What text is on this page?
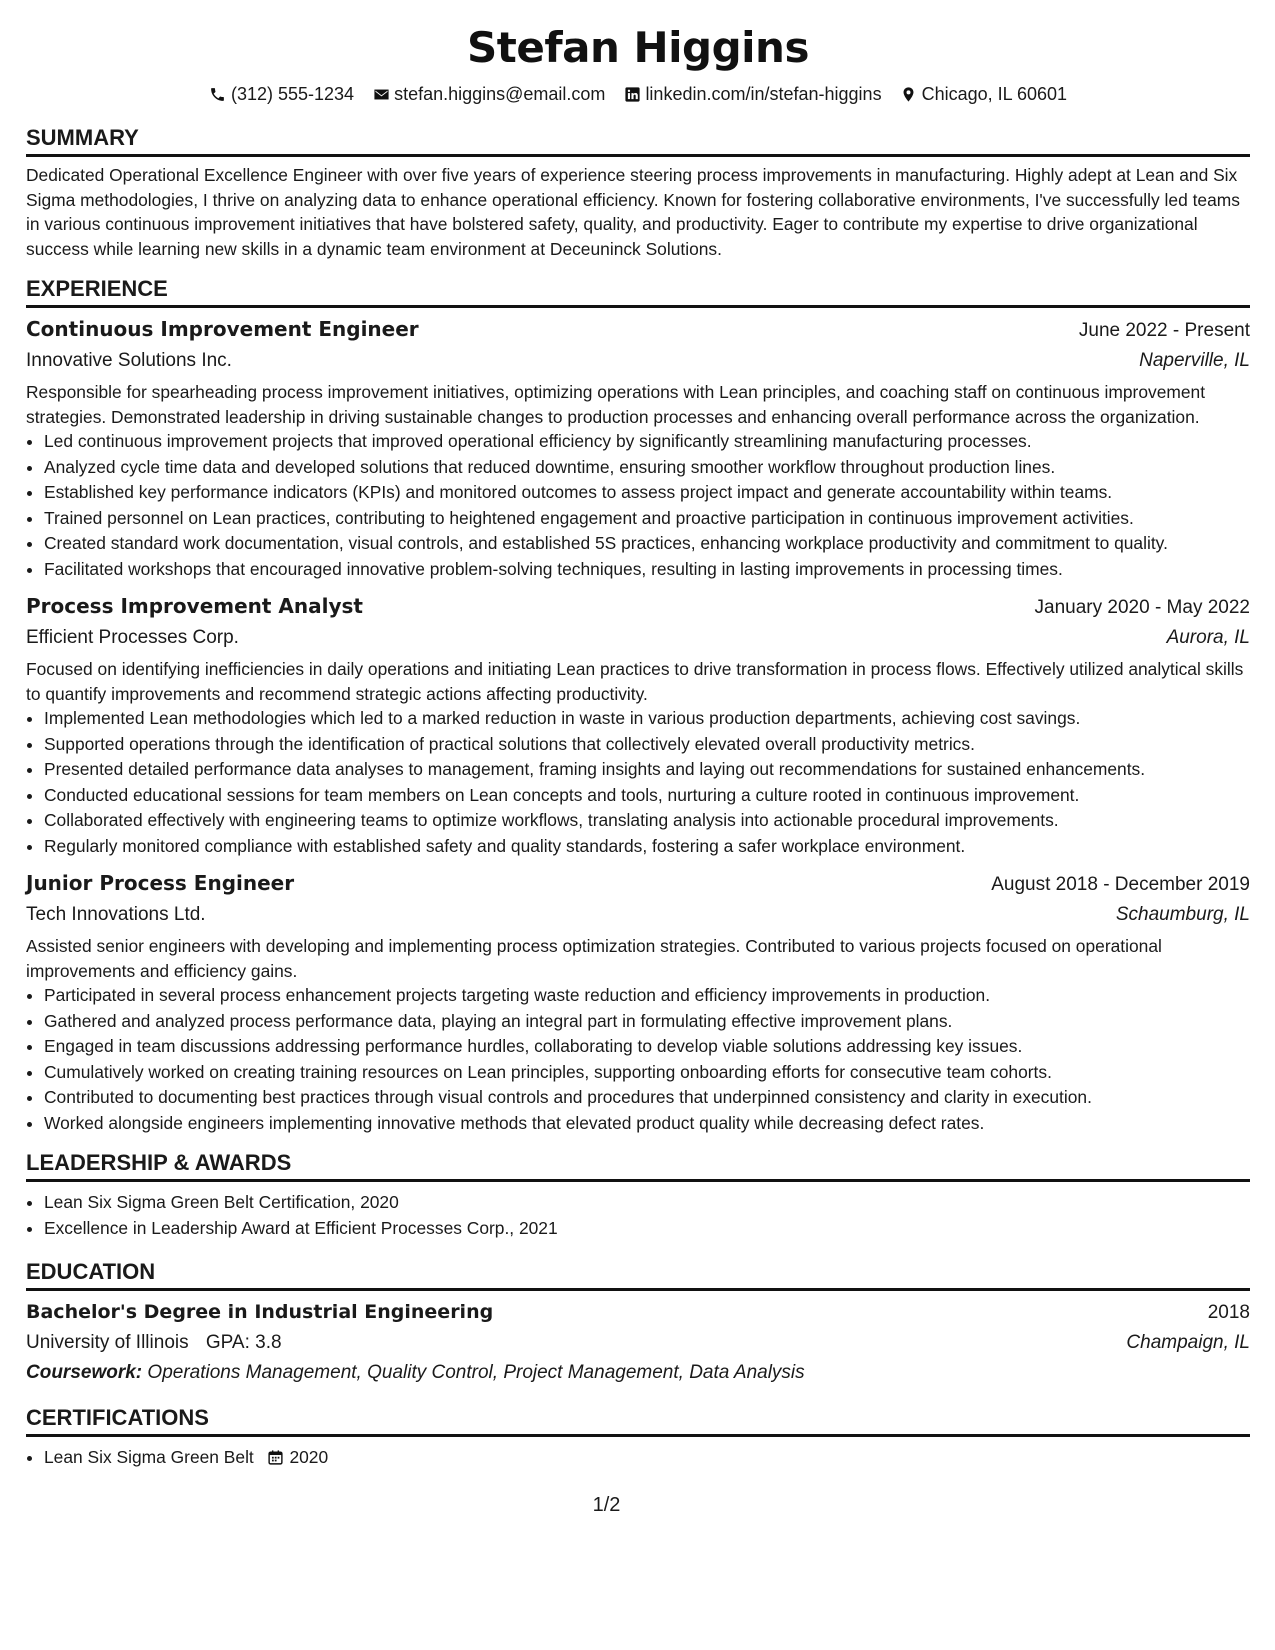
Stefan Higgins
(312) 555-1234 stefan.higgins@email.com linkedin.com/in/stefan-higgins Chicago, IL 60601
SUMMARY

Dedicated Operational Excellence Engineer with over five years of experience steering process improvements in manufacturing. Highly adept at Lean and Six Sigma methodologies, I thrive on analyzing data to enhance operational efficiency. Known for fostering collaborative environments, I've successfully led teams in various continuous improvement initiatives that have bolstered safety, quality, and productivity. Eager to contribute my expertise to drive organizational success while learning new skills in a dynamic team environment at Deceuninck Solutions.

EXPERIENCE
Continuous Improvement Engineer	June 2022 - Present
Innovative Solutions Inc.	Naperville, IL

Responsible for spearheading process improvement initiatives, optimizing operations with Lean principles, and coaching staff on continuous improvement strategies. Demonstrated leadership in driving sustainable changes to production processes and enhancing overall performance across the organization.

• Led continuous improvement projects that improved operational efficiency by significantly streamlining manufacturing processes.
• Analyzed cycle time data and developed solutions that reduced downtime, ensuring smoother workflow throughout production lines.
• Established key performance indicators (KPIs) and monitored outcomes to assess project impact and generate accountability within teams.
• Trained personnel on Lean practices, contributing to heightened engagement and proactive participation in continuous improvement activities.
• Created standard work documentation, visual controls, and established 5S practices, enhancing workplace productivity and commitment to quality.
• Facilitated workshops that encouraged innovative problem-solving techniques, resulting in lasting improvements in processing times.
Process Improvement Analyst	January 2020 - May 2022
Efficient Processes Corp.	Aurora, IL

Focused on identifying inefficiencies in daily operations and initiating Lean practices to drive transformation in process flows. Effectively utilized analytical skills to quantify improvements and recommend strategic actions affecting productivity.

• Implemented Lean methodologies which led to a marked reduction in waste in various production departments, achieving cost savings.
• Supported operations through the identification of practical solutions that collectively elevated overall productivity metrics.
• Presented detailed performance data analyses to management, framing insights and laying out recommendations for sustained enhancements.
• Conducted educational sessions for team members on Lean concepts and tools, nurturing a culture rooted in continuous improvement.
• Collaborated effectively with engineering teams to optimize workflows, translating analysis into actionable procedural improvements.
• Regularly monitored compliance with established safety and quality standards, fostering a safer workplace environment.
Junior Process Engineer	August 2018 - December 2019
Tech Innovations Ltd.	Schaumburg, IL

Assisted senior engineers with developing and implementing process optimization strategies. Contributed to various projects focused on operational improvements and efficiency gains.

• Participated in several process enhancement projects targeting waste reduction and efficiency improvements in production.
• Gathered and analyzed process performance data, playing an integral part in formulating effective improvement plans.
• Engaged in team discussions addressing performance hurdles, collaborating to develop viable solutions addressing key issues.
• Cumulatively worked on creating training resources on Lean principles, supporting onboarding efforts for consecutive team cohorts.
• Contributed to documenting best practices through visual controls and procedures that underpinned consistency and clarity in execution.
• Worked alongside engineers implementing innovative methods that elevated product quality while decreasing defect rates.
LEADERSHIP & AWARDS
• Lean Six Sigma Green Belt Certification, 2020
• Excellence in Leadership Award at Efficient Processes Corp., 2021
EDUCATION
Bachelor's Degree in Industrial Engineering	2018
University of Illinois GPA: 3.8	Champaign, IL
Coursework: Operations Management, Quality Control, Project Management, Data Analysis
CERTIFICATIONS
• Lean Six Sigma Green Belt 2020
1/2
